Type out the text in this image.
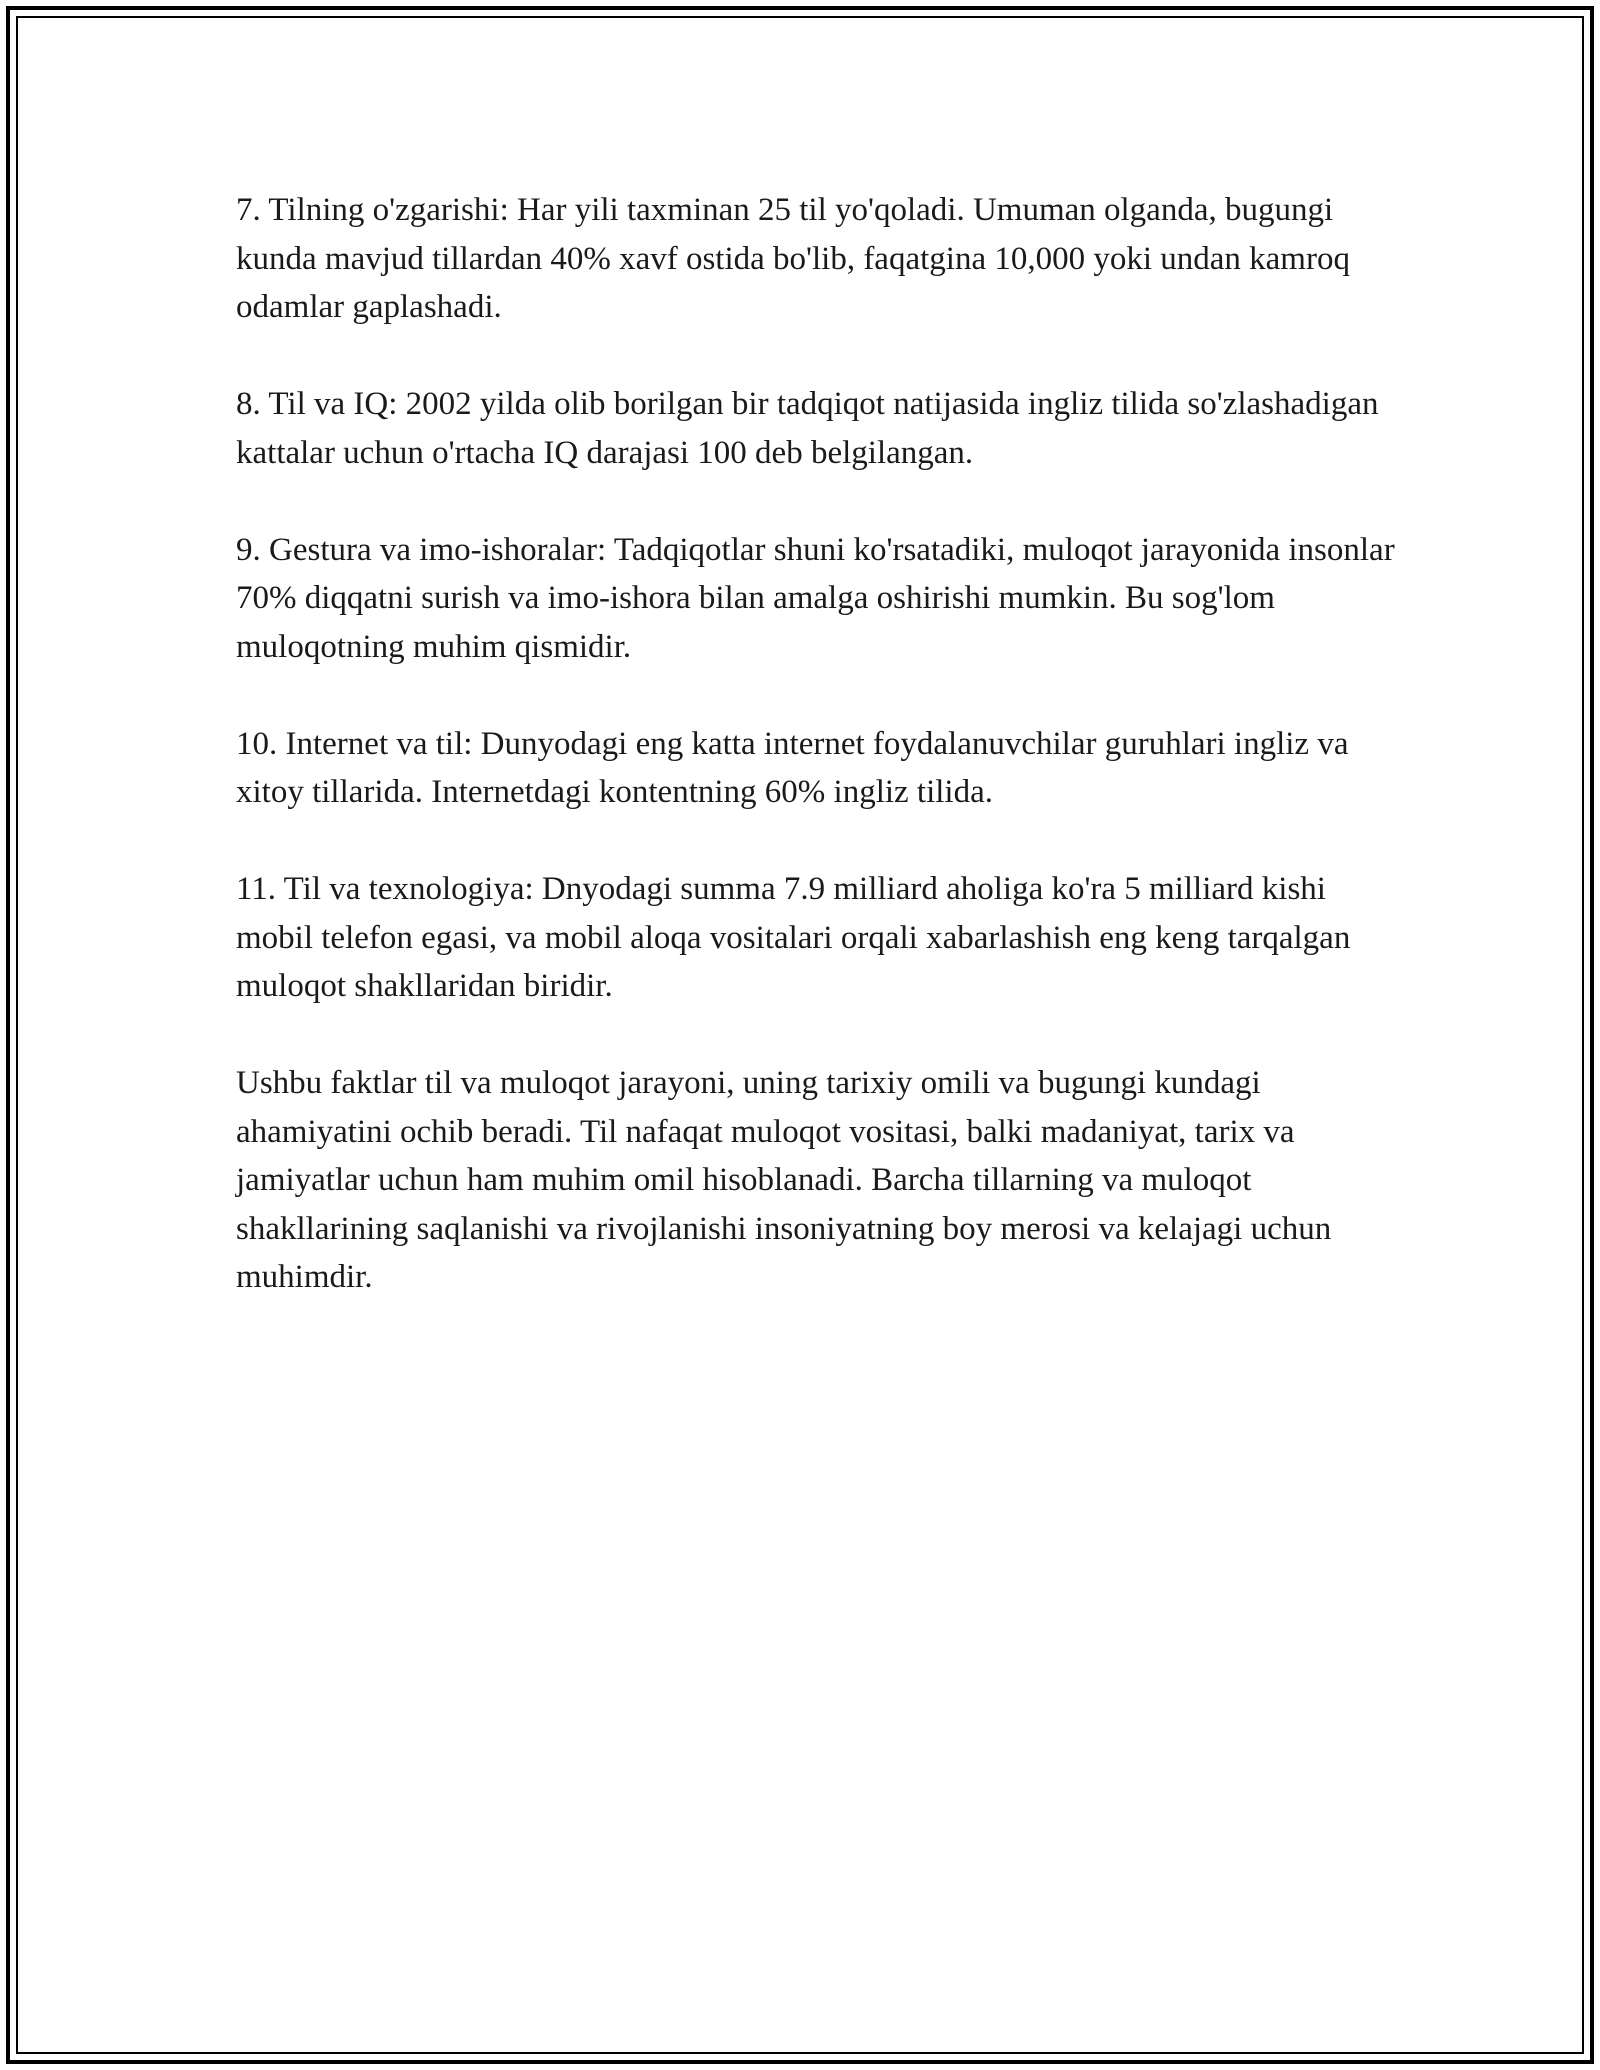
7. Tilning o'zgarishi: Har yili taxminan 25 til yo'qoladi. Umuman olganda, bugungi kunda mavjud tillardan 40% xavf ostida bo'lib, faqatgina 10,000 yoki undan kamroq odamlar gaplashadi.

8. Til va IQ: 2002 yilda olib borilgan bir tadqiqot natijasida ingliz tilida so'zlashadigan kattalar uchun o'rtacha IQ darajasi 100 deb belgilangan.

9. Gestura va imo-ishoralar: Tadqiqotlar shuni ko'rsatadiki, muloqot jarayonida insonlar 70% diqqatni surish va imo-ishora bilan amalga oshirishi mumkin. Bu sog'lom muloqotning muhim qismidir.

10. Internet va til: Dunyodagi eng katta internet foydalanuvchilar guruhlari ingliz va xitoy tillarida. Internetdagi kontentning 60% ingliz tilida.

11. Til va texnologiya: Dnyodagi summa 7.9 milliard aholiga ko'ra 5 milliard kishi mobil telefon egasi, va mobil aloqa vositalari orqali xabarlashish eng keng tarqalgan muloqot shakllaridan biridir.

Ushbu faktlar til va muloqot jarayoni, uning tarixiy omili va bugungi kundagi ahamiyatini ochib beradi. Til nafaqat muloqot vositasi, balki madaniyat, tarix va jamiyatlar uchun ham muhim omil hisoblanadi. Barcha tillarning va muloqot shakllarining saqlanishi va rivojlanishi insoniyatning boy merosi va kelajagi uchun muhimdir.
